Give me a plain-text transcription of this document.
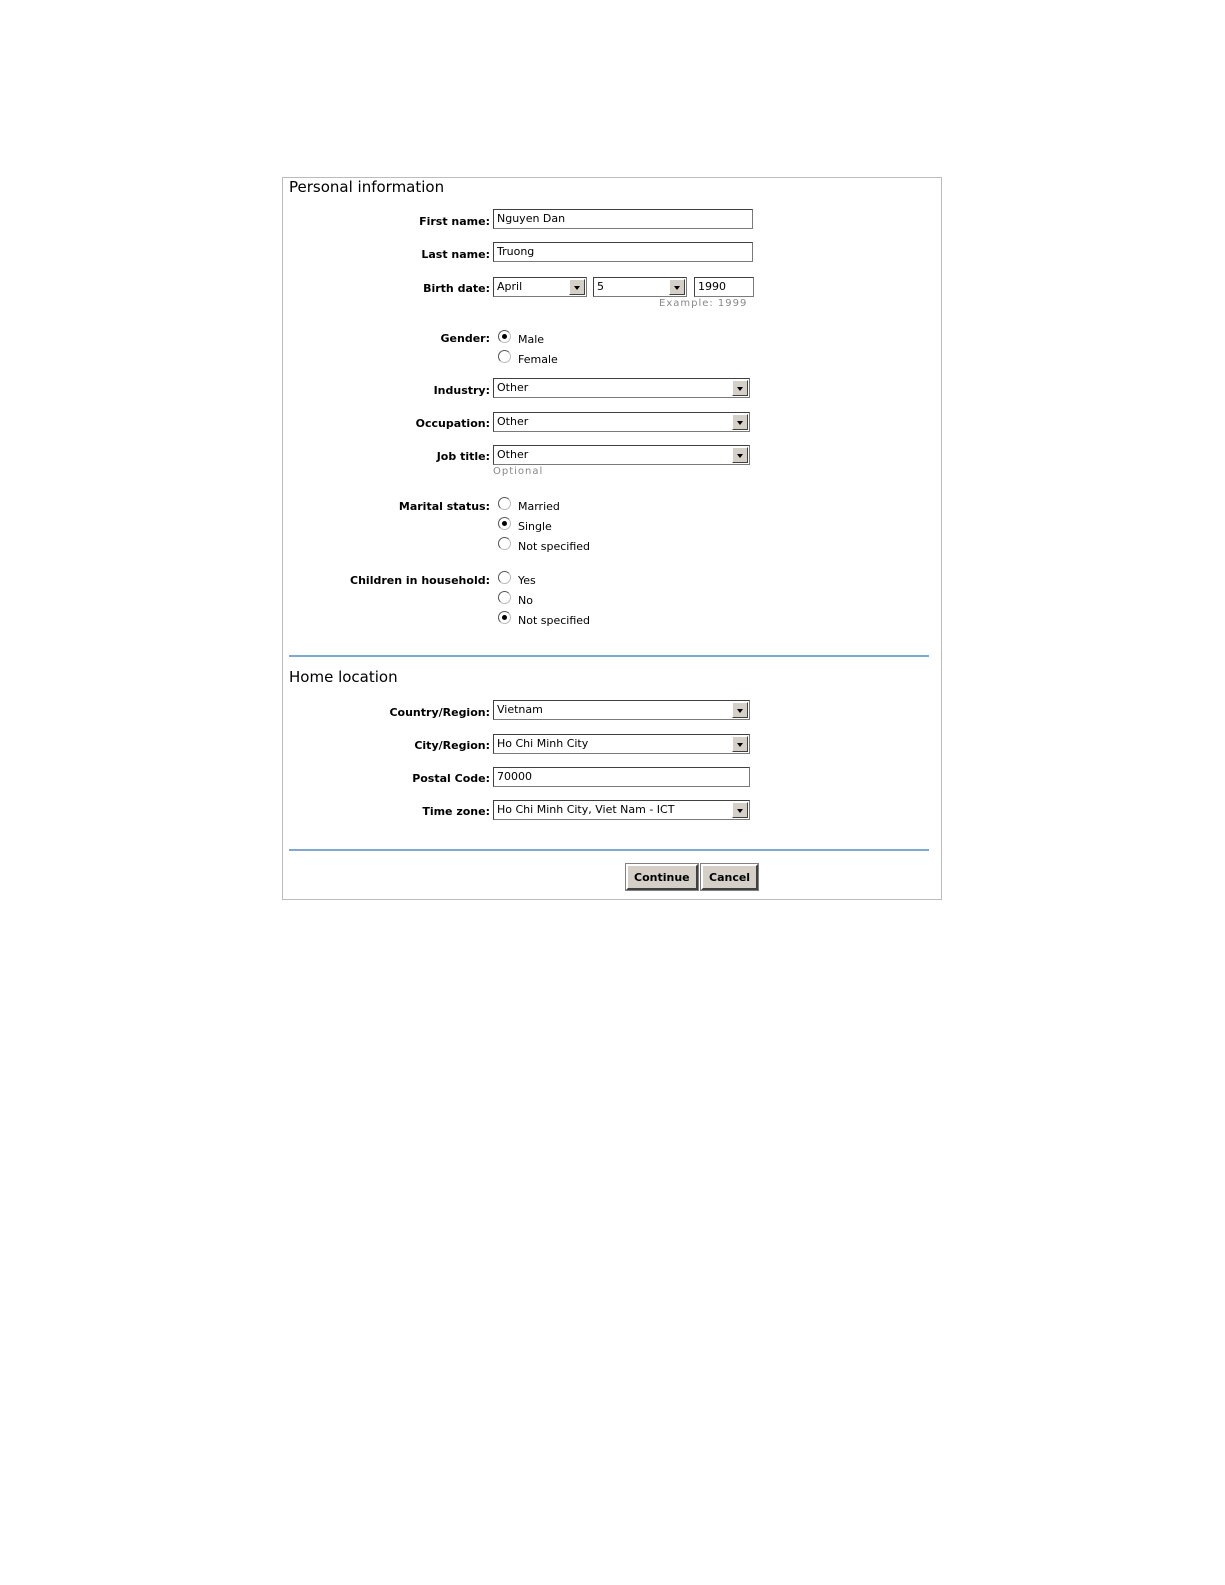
Personal information
First name: Nguyen Dan
Last name: Truong
Birth date: April	5	1990
Example: 1999
Gender:	Male
Female
Industry: Other
Occupation: Other
Job title: Other
Optional
Marital status:	Married
Single
Not specified
Children in household:	Yes
No
Not specified
Home location
Country/Region: Vietnam
City/Region: Ho Chi Minh City
Postal Code: 70000
Time zone: Ho Chi Minh City, Viet Nam - ICT
Continue	Cancel
